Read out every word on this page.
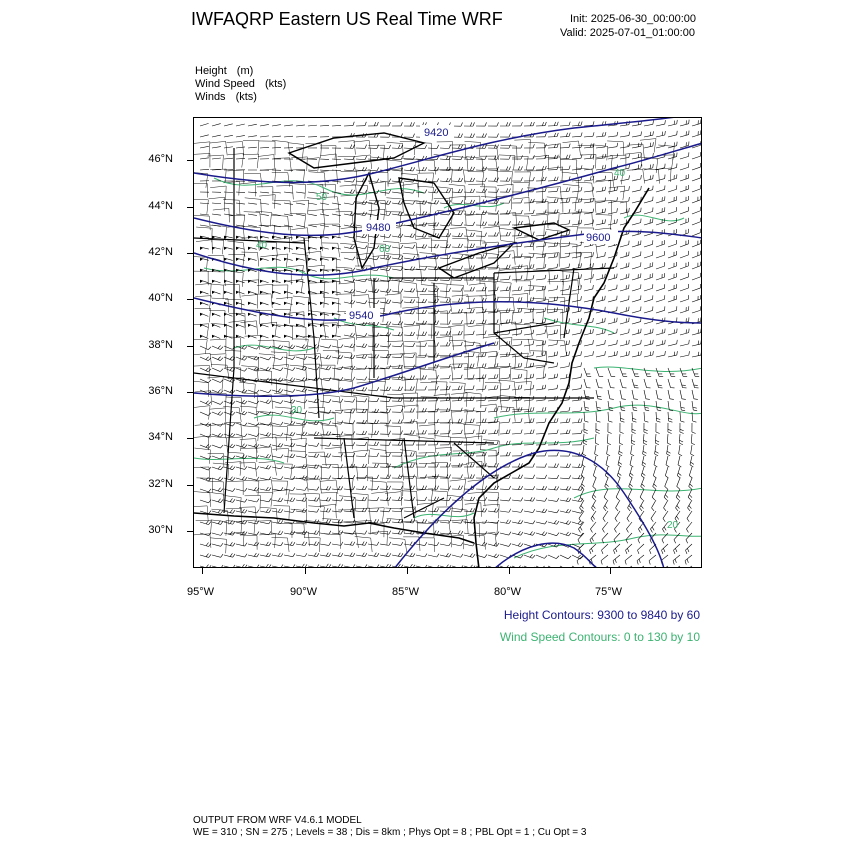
IWFAQRP Eastern US Real Time WRF	Init: 2025-06-30_00:00:00
Valid: 2025-07-01_01:00:00
Height (m)
Wind Speed (kts)
Winds (kts)
46°N
44°N
42°N
40°N
38°N
36°N
34°N
32°N
30°N
95°W	90°W	85°W	80°W	75°W
9420
9480
9540
9600
40
40
60
50
30
20
Height Contours: 9300 to 9840 by 60
Wind Speed Contours: 0 to 130 by 10
OUTPUT FROM WRF V4.6.1 MODEL
WE = 310 ; SN = 275 ; Levels = 38 ; Dis = 8km ; Phys Opt = 8 ; PBL Opt = 1 ; Cu Opt = 3
